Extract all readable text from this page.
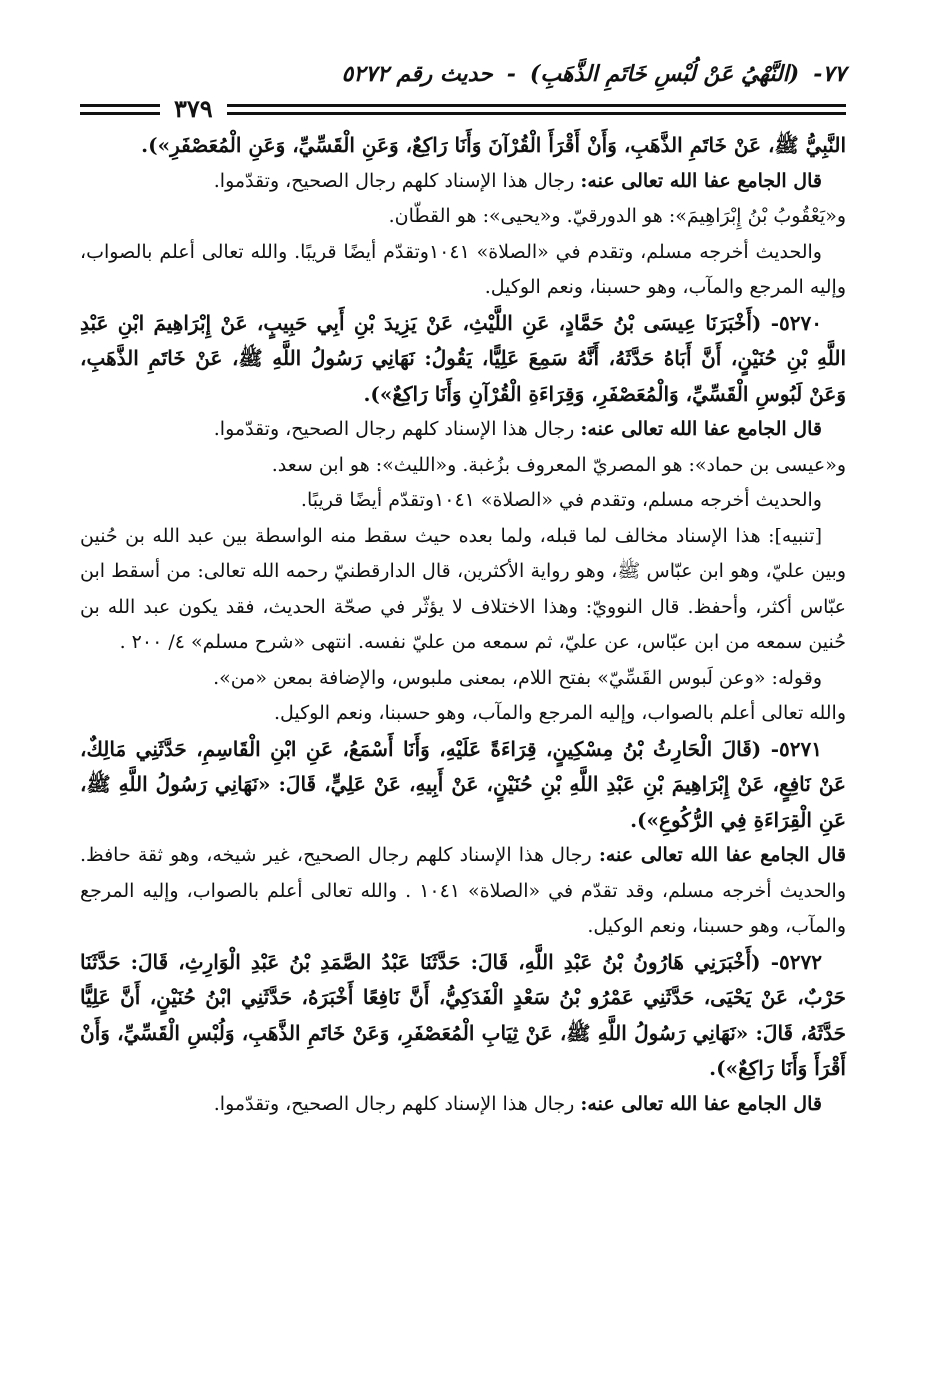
٧٧-
(النَّهْيُ عَنْ لُبْسِ خَاتَمِ الذَّهَبِ)
-
حديث رقم ٥٢٧٢
٣٧٩

النَّبِيُّ ﷺ، عَنْ خَاتَمِ الذَّهَبِ، وَأَنْ أَقْرَأَ الْقُرْآنَ وَأَنَا رَاكِعٌ، وَعَنِ الْقَسِّيِّ، وَعَنِ الْمُعَصْفَرِ»).

قال الجامع عفا الله تعالى عنه: رجال هذا الإسناد كلهم رجال الصحيح، وتقدّموا.

و«يَعْقُوبُ بْنُ إِبْرَاهِيمَ»: هو الدورقيّ. و«يحيى»: هو القطّان.

والحديث أخرجه مسلم، وتقدم في «الصلاة» ١٠٤١وتقدّم أيضًا قريبًا. والله تعالى أعلم بالصواب، وإليه المرجع والمآب، وهو حسبنا، ونعم الوكيل.

٥٢٧٠- (أَخْبَرَنَا عِيسَى بْنُ حَمَّادٍ، عَنِ اللَّيْثِ، عَنْ يَزِيدَ بْنِ أَبِي حَبِيبٍ، عَنْ إِبْرَاهِيمَ ابْنِ عَبْدِ اللَّهِ بْنِ حُنَيْنٍ، أَنَّ أَبَاهُ حَدَّثَهُ، أَنَّهُ سَمِعَ عَلِيًّا، يَقُولُ: نَهَانِي رَسُولُ اللَّهِ ﷺ، عَنْ خَاتَمِ الذَّهَبِ، وَعَنْ لَبُوسِ الْقَسِّيِّ، وَالْمُعَصْفَرِ، وَقِرَاءَةِ الْقُرْآنِ وَأَنَا رَاكِعٌ»).

قال الجامع عفا الله تعالى عنه: رجال هذا الإسناد كلهم رجال الصحيح، وتقدّموا.

و«عيسى بن حماد»: هو المصريّ المعروف بزُغبة. و«الليث»: هو ابن سعد.

والحديث أخرجه مسلم، وتقدم في «الصلاة» ١٠٤١وتقدّم أيضًا قريبًا.

[تنبيه]: هذا الإسناد مخالف لما قبله، ولما بعده حيث سقط منه الواسطة بين عبد الله بن حُنين وبين عليّ، وهو ابن عبّاس ﷺ، وهو رواية الأكثرين، قال الدارقطنيّ رحمه الله تعالى: من أسقط ابن عبّاس أكثر، وأحفظ. قال النوويّ: وهذا الاختلاف لا يؤثّر في صحّة الحديث، فقد يكون عبد الله بن حُنين سمعه من ابن عبّاس، عن عليّ، ثم سمعه من عليّ نفسه. انتهى «شرح مسلم» ٤/ ٢٠٠ .

وقوله: «وعن لَبوس القَسِّيّ» بفتح اللام، بمعنى ملبوس، والإضافة بمعن «من».

والله تعالى أعلم بالصواب، وإليه المرجع والمآب، وهو حسبنا، ونعم الوكيل.

٥٢٧١- (قَالَ الْحَارِثُ بْنُ مِسْكِينٍ، قِرَاءَةً عَلَيْهِ، وَأَنَا أَسْمَعُ، عَنِ ابْنِ الْقَاسِمِ، حَدَّثَنِي مَالِكٌ، عَنْ نَافِعٍ، عَنْ إِبْرَاهِيمَ بْنِ عَبْدِ اللَّهِ بْنِ حُنَيْنٍ، عَنْ أَبِيهِ، عَنْ عَلِيٍّ، قَالَ: «نَهَانِي رَسُولُ اللَّهِ ﷺ، عَنِ الْقِرَاءَةِ فِي الرُّكُوعِ»).

قال الجامع عفا الله تعالى عنه: رجال هذا الإسناد كلهم رجال الصحيح، غير شيخه، وهو ثقة حافظ. والحديث أخرجه مسلم، وقد تقدّم في «الصلاة» ١٠٤١ . والله تعالى أعلم بالصواب، وإليه المرجع والمآب، وهو حسبنا، ونعم الوكيل.

٥٢٧٢- (أَخْبَرَنِي هَارُونُ بْنُ عَبْدِ اللَّهِ، قَالَ: حَدَّثَنَا عَبْدُ الصَّمَدِ بْنُ عَبْدِ الْوَارِثِ، قَالَ: حَدَّثَنَا حَرْبٌ، عَنْ يَحْيَى، حَدَّثَنِي عَمْرُو بْنُ سَعْدٍ الْفَدَكِيُّ، أَنَّ نَافِعًا أَخْبَرَهُ، حَدَّثَنِي ابْنُ حُنَيْنٍ، أَنَّ عَلِيًّا حَدَّثَهُ، قَالَ: «نَهَانِي رَسُولُ اللَّهِ ﷺ، عَنْ ثِيَابِ الْمُعَصْفَرِ، وَعَنْ خَاتَمِ الذَّهَبِ، وَلُبْسِ الْقَسِّيِّ، وَأَنْ أَقْرَأَ وَأَنَا رَاكِعٌ»).

قال الجامع عفا الله تعالى عنه: رجال هذا الإسناد كلهم رجال الصحيح، وتقدّموا.
